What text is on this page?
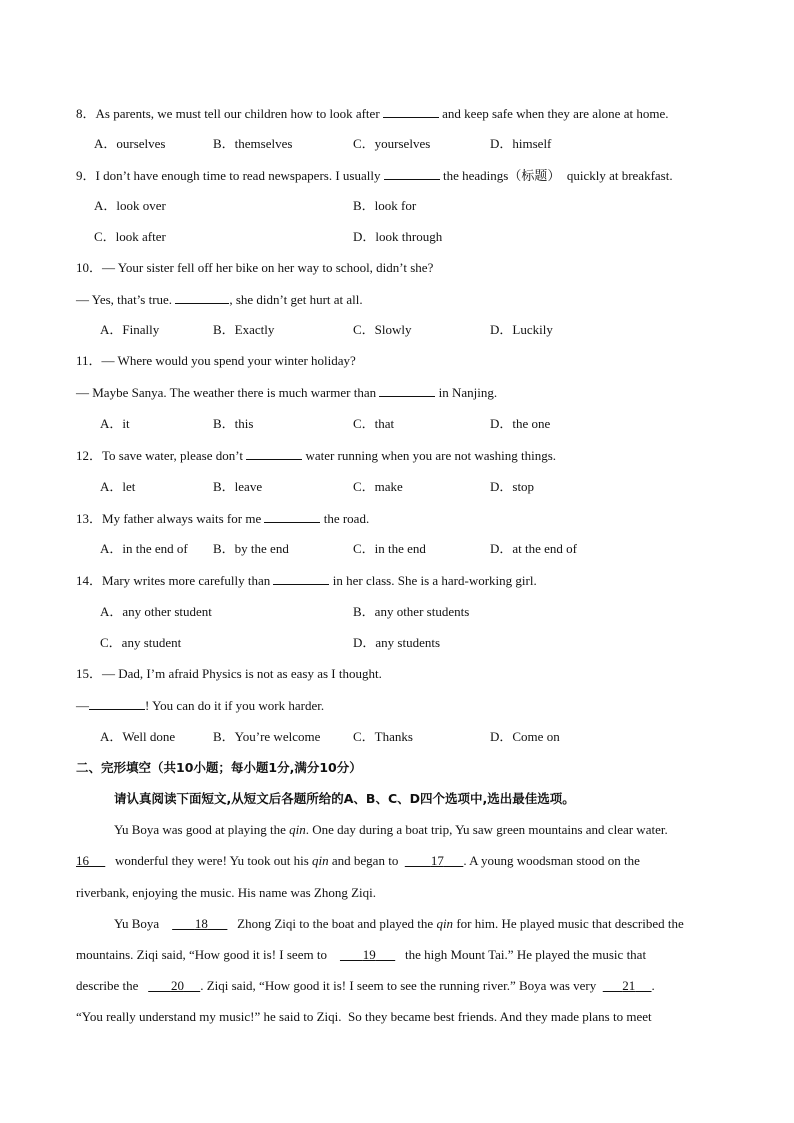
8．As parents, we must tell our children how to look after	and keep safe when they are alone at home.
A．ourselves	B．themselves	C．yourselves	D．himself
9．I don’t have enough time to read newspapers. I usually	the headings（标题）  quickly at breakfast.
A．look over	B．look for
C．look after	D．look through
10．— Your sister fell off her bike on her way to school, didn’t she?
— Yes, that’s true.	, she didn’t get hurt at all.
A．Finally	B．Exactly	C．Slowly	D．Luckily
11．— Where would you spend your winter holiday?
— Maybe Sanya. The weather there is much warmer than	in Nanjing.
A．it	B．this	C．that	D．the one
12．To save water, please don’t	water running when you are not washing things.
A．let	B．leave	C．make	D．stop
13．My father always waits for me	the road.
A．in the end of B．by the end	C．in the end	D．at the end of
14．Mary writes more carefully than	in her class. She is a hard-working girl.
A．any other student	B．any other students
C．any student	D．any students
15．— Dad, I’m afraid Physics is not as easy as I thought.
—	! You can do it if you work harder.
A．Well done	B．You’re welcome	C．Thanks	D．Come on
二、完形填空（共10小题；每小题1分,满分10分）
请认真阅读下面短文,从短文后各题所给的A、B、C、D四个选项中,选出最佳选项。
Yu Boya was good at playing the qin. One day during a boat trip, Yu saw green mountains and clear water.
16 wonderful they were! Yu took out his qin and began to	17 . A young woodsman stood on the
riverbank, enjoying the music. His name was Zhong Ziqi.
Yu Boya	18 Zhong Ziqi to the boat and played the qin for him. He played music that described the
mountains. Ziqi said, “How good it is! I seem to	19 the high Mount Tai.” He played the music that
describe the	20 . Ziqi said, “How good it is! I seem to see the running river.” Boya was very 21 .
“You really understand my music!” he said to Ziqi.  So they became best friends. And they made plans to meet
